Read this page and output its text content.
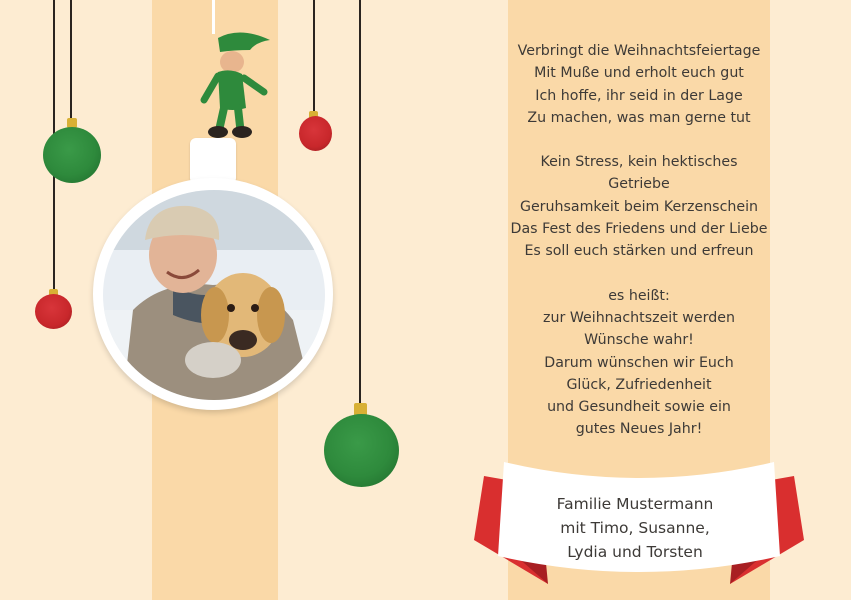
Verbringt die Weihnachtsfeiertage
Mit Muße und erholt euch gut
Ich hoffe, ihr seid in der Lage
Zu machen, was man gerne tut

Kein Stress, kein hektisches
Getriebe
Geruhsamkeit beim Kerzenschein
Das Fest des Friedens und der Liebe
Es soll euch stärken und erfreun

es heißt:
zur Weihnachtszeit werden
Wünsche wahr!
Darum wünschen wir Euch
Glück, Zufriedenheit
und Gesundheit sowie ein
gutes Neues Jahr!

Familie Mustermann
mit Timo, Susanne,
Lydia und Torsten
